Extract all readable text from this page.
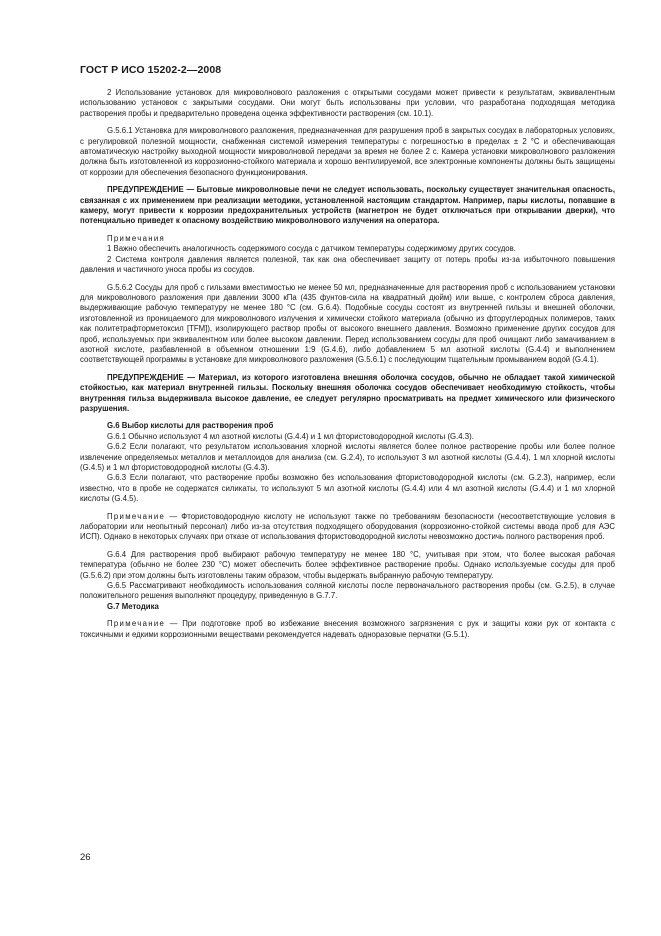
ГОСТ Р ИСО 15202-2—2008

2 Использование установок для микроволнового разложения с открытыми сосудами может привести к результатам, эквивалентным использованию установок с закрытыми сосудами. Они могут быть использованы при условии, что разработана подходящая методика растворения пробы и предварительно проведена оценка эффективности растворения (см. 10.1).

G.5.6.1 Установка для микроволнового разложения, предназначенная для разрушения проб в закрытых сосудах в лабораторных условиях, с регулировкой полезной мощности, снабженная системой измерения температуры с погрешностью в пределах ± 2 °С и обеспечивающая автоматическую настройку выходной мощности микроволновой передачи за время не более 2 с. Камера установки микроволнового разложения должна быть изготовленной из коррозионно-стойкого материала и хорошо вентилируемой, все электронные компоненты должны быть защищены от коррозии для обеспечения безопасного функционирования.

ПРЕДУПРЕЖДЕНИЕ — Бытовые микроволновые печи не следует использовать, поскольку существует значительная опасность, связанная с их применением при реализации методики, установленной настоящим стандартом. Например, пары кислоты, попавшие в камеру, могут привести к коррозии предохранительных устройств (магнетрон не будет отключаться при открывании дверки), что потенциально приведет к опасному воздействию микроволнового излучения на оператора.

Примечания

1 Важно обеспечить аналогичность содержимого сосуда с датчиком температуры содержимому других сосудов.

2 Система контроля давления является полезной, так как она обеспечивает защиту от потерь пробы из-за избыточного повышения давления и частичного уноса пробы из сосудов.

G.5.6.2 Сосуды для проб с гильзами вместимостью не менее 50 мл, предназначенные для растворения проб с использованием установки для микроволнового разложения при давлении 3000 кПа (435 фунтов-сила на квадратный дюйм) или выше, с контролем сброса давления, выдерживающие рабочую температуру не менее 180 °С (см. G.6.4). Подобные сосуды состоят из внутренней гильзы и внешней оболочки, изготовленной из проницаемого для микроволнового излучения и химически стойкого материала (обычно из фторуглеродных полимеров, таких как политетрафторметоксил [TFM]), изолирующего раствор пробы от высокого внешнего давления. Возможно применение других сосудов для проб, используемых при эквивалентном или более высоком давлении. Перед использованием сосуды для проб очищают либо замачиванием в азотной кислоте, разбавленной в объемном отношении 1:9 (G.4.6), либо добавлением 5 мл азотной кислоты (G.4.4) и выполнением соответствующей программы в установке для микроволнового разложения (G.5.6.1) с последующим тщательным промыванием водой (G.4.1).

ПРЕДУПРЕЖДЕНИЕ — Материал, из которого изготовлена внешняя оболочка сосудов, обычно не обладает такой химической стойкостью, как материал внутренней гильзы. Поскольку внешняя оболочка сосудов обеспечивает необходимую стойкость, чтобы внутренняя гильза выдерживала высокое давление, ее следует регулярно просматривать на предмет химического или физического разрушения.

G.6 Выбор кислоты для растворения проб

G.6.1 Обычно используют 4 мл азотной кислоты (G.4.4) и 1 мл фтористоводородной кислоты (G.4.3).

G.6.2 Если полагают, что результатом использования хлорной кислоты является более полное растворение пробы или более полное извлечение определяемых металлов и металлоидов для анализа (см. G.2.4), то используют 3 мл азотной кислоты (G.4.4), 1 мл хлорной кислоты (G.4.5) и 1 мл фтористоводородной кислоты (G.4.3).

G.6.3 Если полагают, что растворение пробы возможно без использования фтористоводородной кислоты (см. G.2.3), например, если известно, что в пробе не содержатся силикаты, то используют 5 мл азотной кислоты (G.4.4) или 4 мл азотной кислоты (G.4.4) и 1 мл хлорной кислоты (G.4.5).

Примечание — Фтористоводородную кислоту не используют также по требованиям безопасности (несоответствующие условия в лаборатории или неопытный персонал) либо из-за отсутствия подходящего оборудования (коррозионно-стойкой системы ввода проб для АЭС ИСП). Однако в некоторых случаях при отказе от использования фтористоводородной кислоты невозможно достичь полного растворения проб.

G.6.4 Для растворения проб выбирают рабочую температуру не менее 180 °С, учитывая при этом, что более высокая рабочая температура (обычно не более 230 °С) может обеспечить более эффективное растворение пробы. Однако используемые сосуды для проб (G.5.6.2) при этом должны быть изготовлены таким образом, чтобы выдержать выбранную рабочую температуру.

G.6.5 Рассматривают необходимость использования соляной кислоты после первоначального растворения пробы (см. G.2.5), в случае положительного решения выполняют процедуру, приведенную в G.7.7.

G.7 Методика

Примечание — При подготовке проб во избежание внесения возможного загрязнения с рук и защиты кожи рук от контакта с токсичными и едкими коррозионными веществами рекомендуется надевать одноразовые перчатки (G.5.1).

26
